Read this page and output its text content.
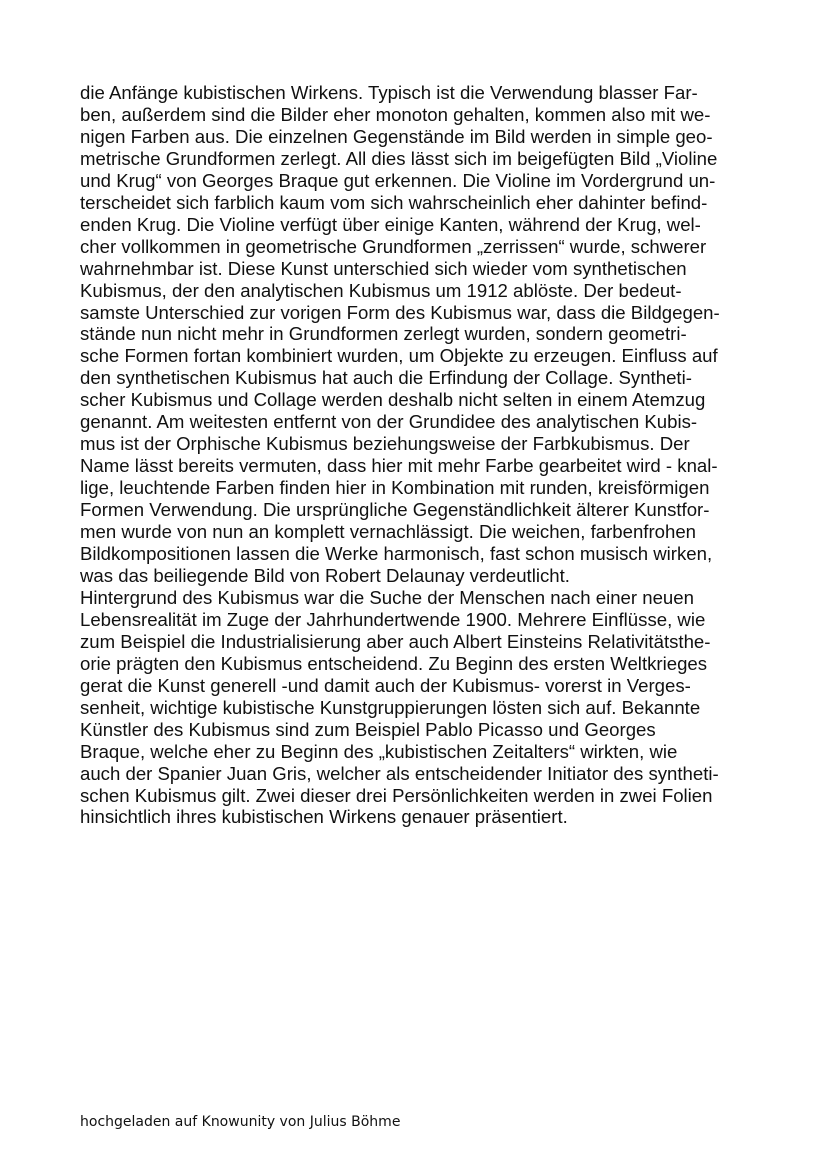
die Anfänge kubistischen Wirkens. Typisch ist die Verwendung blasser Far-
ben, außerdem sind die Bilder eher monoton gehalten, kommen also mit we-
nigen Farben aus. Die einzelnen Gegenstände im Bild werden in simple geo-
metrische Grundformen zerlegt. All dies lässt sich im beigefügten Bild „Violine
und Krug“ von Georges Braque gut erkennen. Die Violine im Vordergrund un-
terscheidet sich farblich kaum vom sich wahrscheinlich eher dahinter befind-
enden Krug. Die Violine verfügt über einige Kanten, während der Krug, wel-
cher vollkommen in geometrische Grundformen „zerrissen“ wurde, schwerer
wahrnehmbar ist. Diese Kunst unterschied sich wieder vom synthetischen
Kubismus, der den analytischen Kubismus um 1912 ablöste. Der bedeut-
samste Unterschied zur vorigen Form des Kubismus war, dass die Bildgegen-
stände nun nicht mehr in Grundformen zerlegt wurden, sondern geometri-
sche Formen fortan kombiniert wurden, um Objekte zu erzeugen. Einfluss auf
den synthetischen Kubismus hat auch die Erfindung der Collage. Syntheti-
scher Kubismus und Collage werden deshalb nicht selten in einem Atemzug
genannt. Am weitesten entfernt von der Grundidee des analytischen Kubis-
mus ist der Orphische Kubismus beziehungsweise der Farbkubismus. Der
Name lässt bereits vermuten, dass hier mit mehr Farbe gearbeitet wird - knal-
lige, leuchtende Farben finden hier in Kombination mit runden, kreisförmigen
Formen Verwendung. Die ursprüngliche Gegenständlichkeit älterer Kunstfor-
men wurde von nun an komplett vernachlässigt. Die weichen, farbenfrohen
Bildkompositionen lassen die Werke harmonisch, fast schon musisch wirken,
was das beiliegende Bild von Robert Delaunay verdeutlicht.
Hintergrund des Kubismus war die Suche der Menschen nach einer neuen
Lebensrealität im Zuge der Jahrhundertwende 1900. Mehrere Einflüsse, wie
zum Beispiel die Industrialisierung aber auch Albert Einsteins Relativitätsthe-
orie prägten den Kubismus entscheidend. Zu Beginn des ersten Weltkrieges
gerat die Kunst generell -und damit auch der Kubismus- vorerst in Verges-
senheit, wichtige kubistische Kunstgruppierungen lösten sich auf. Bekannte
Künstler des Kubismus sind zum Beispiel Pablo Picasso und Georges
Braque, welche eher zu Beginn des „kubistischen Zeitalters“ wirkten, wie
auch der Spanier Juan Gris, welcher als entscheidender Initiator des syntheti-
schen Kubismus gilt. Zwei dieser drei Persönlichkeiten werden in zwei Folien
hinsichtlich ihres kubistischen Wirkens genauer präsentiert.
hochgeladen auf Knowunity von Julius Böhme
